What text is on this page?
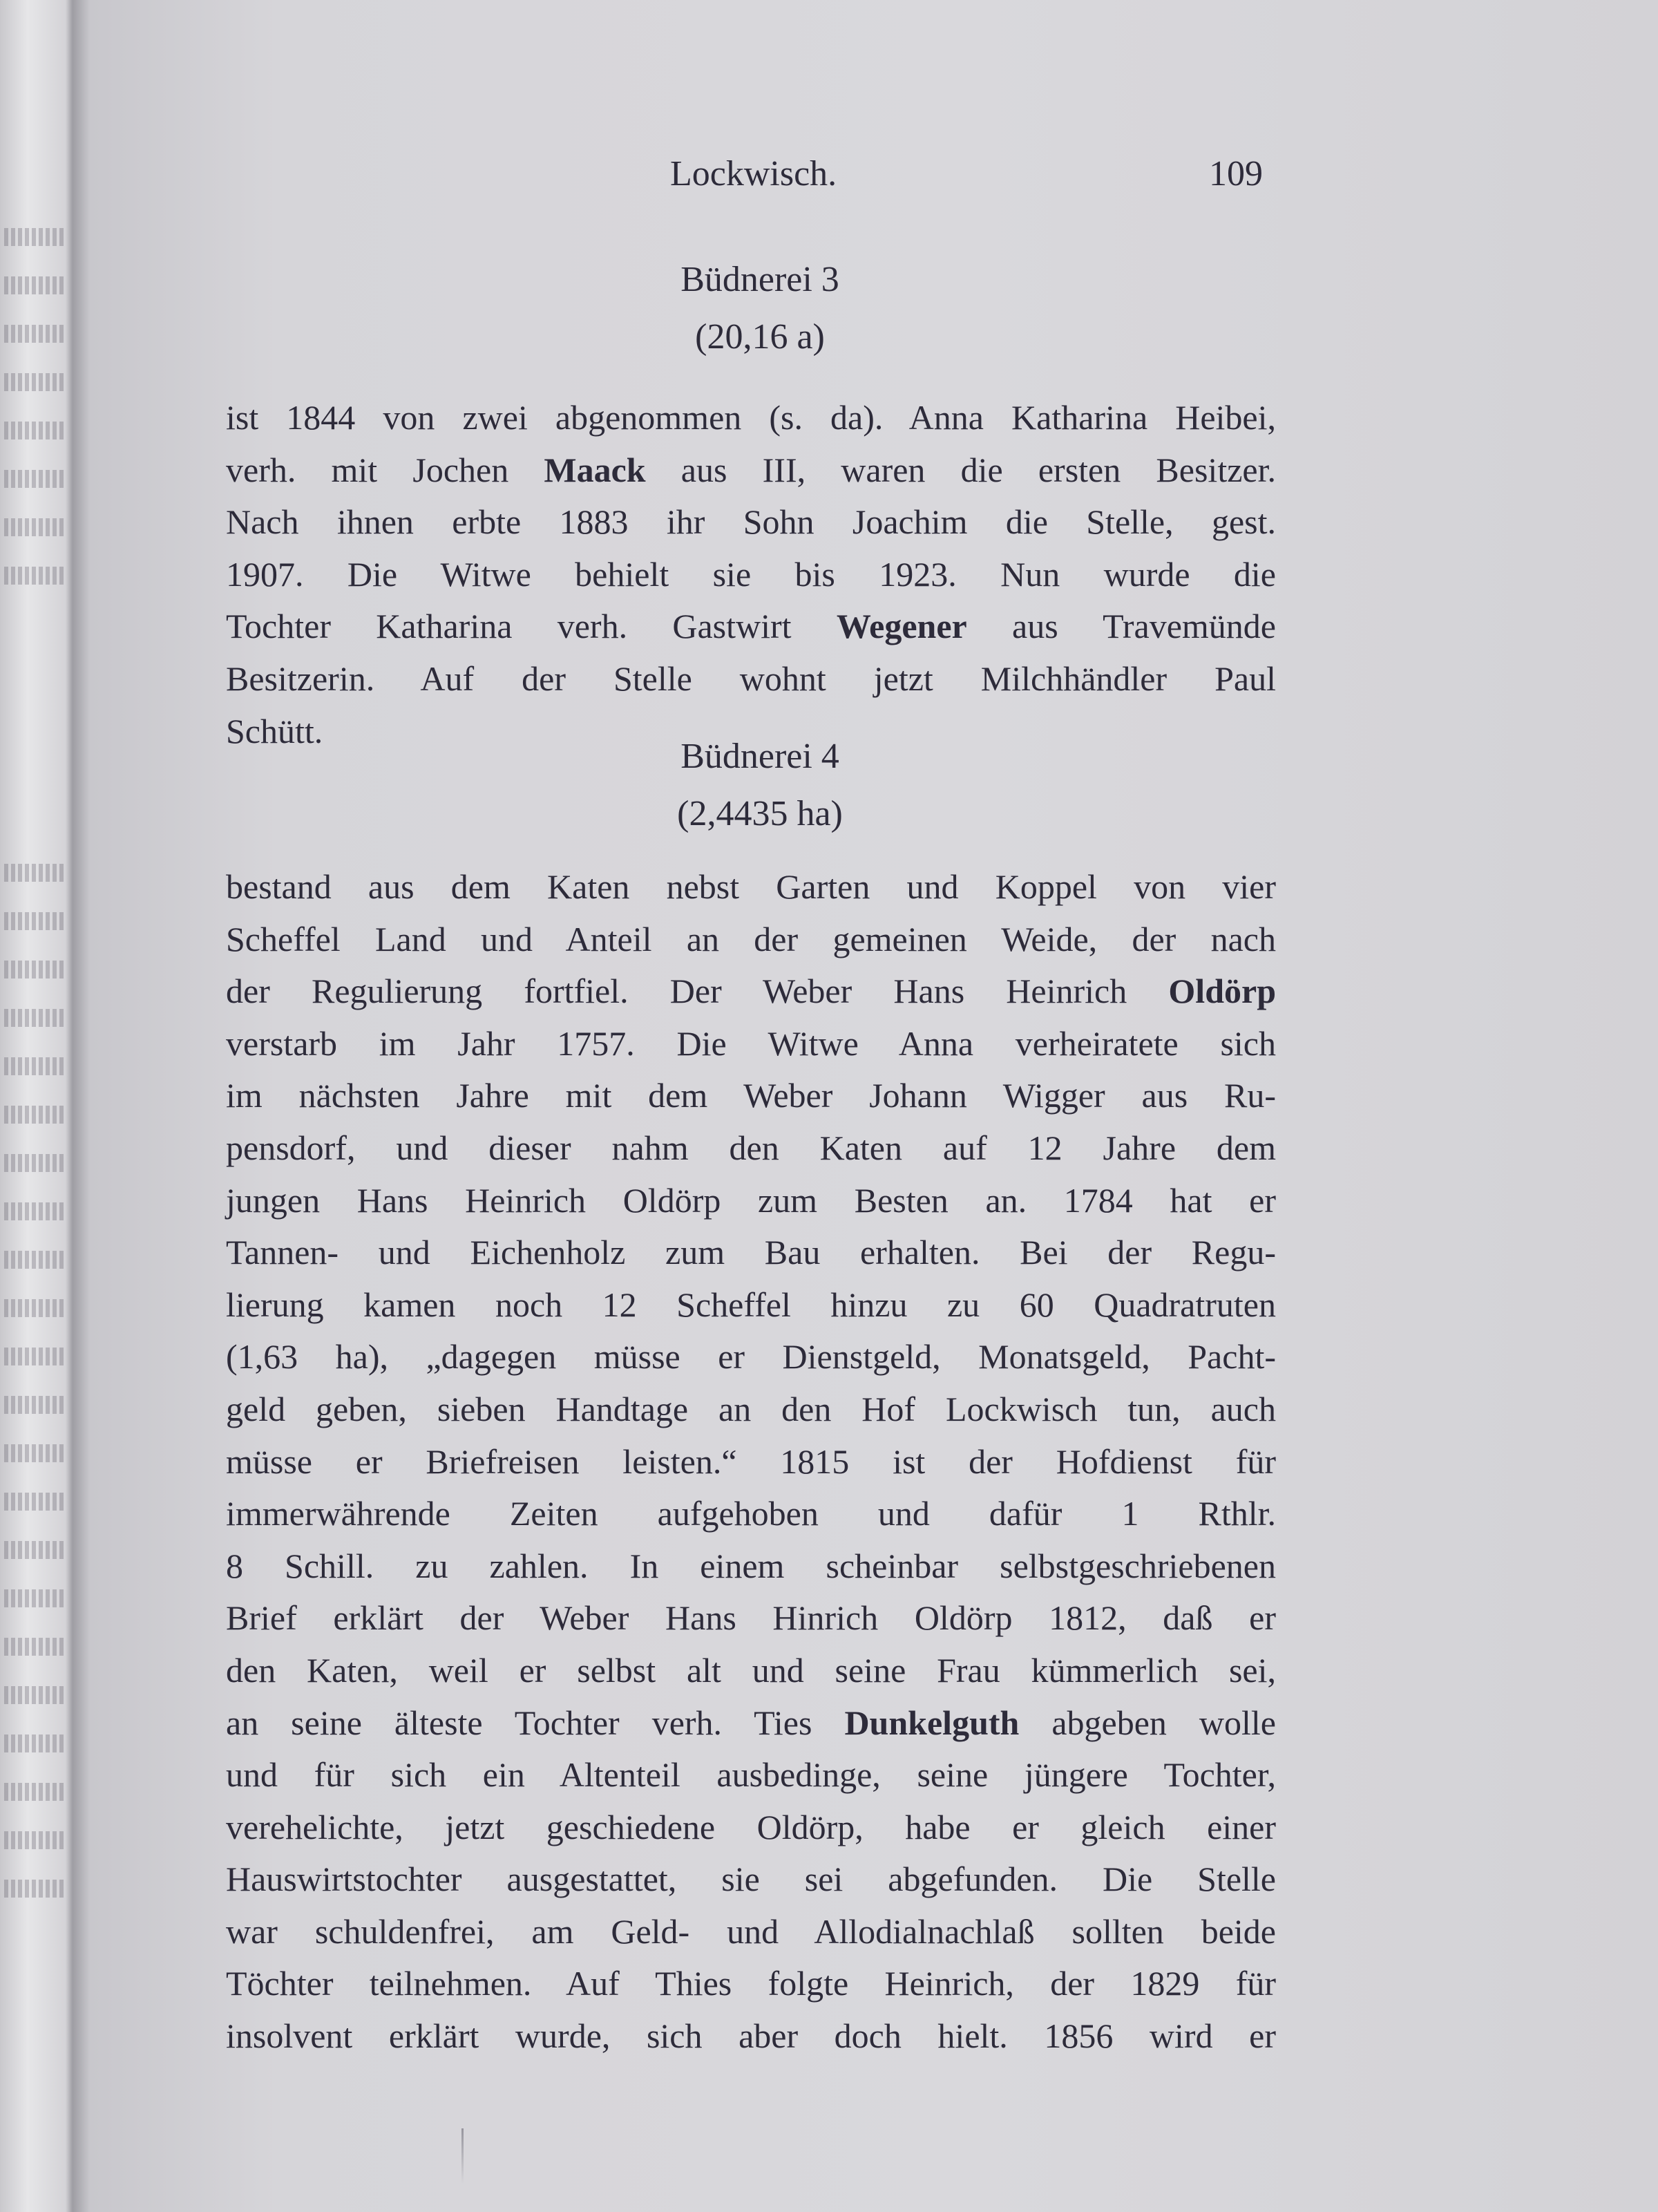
Lockwisch.	109
Büdnerei 3
(20,16 a)
ist 1844 von zwei abgenommen (s. da). Anna Katharina Heibei,
verh. mit Jochen Maack aus III, waren die ersten Besitzer.
Nach ihnen erbte 1883 ihr Sohn Joachim die Stelle, gest.
1907. Die Witwe behielt sie bis 1923. Nun wurde die
Tochter Katharina verh. Gastwirt Wegener aus Travemünde
Besitzerin. Auf der Stelle wohnt jetzt Milchhändler Paul
Schütt.
Büdnerei 4
(2,4435 ha)
bestand aus dem Katen nebst Garten und Koppel von vier
Scheffel Land und Anteil an der gemeinen Weide, der nach
der Regulierung fortfiel. Der Weber Hans Heinrich Oldörp
verstarb im Jahr 1757. Die Witwe Anna verheiratete sich
im nächsten Jahre mit dem Weber Johann Wigger aus Ru-
pensdorf, und dieser nahm den Katen auf 12 Jahre dem
jungen Hans Heinrich Oldörp zum Besten an. 1784 hat er
Tannen- und Eichenholz zum Bau erhalten. Bei der Regu-
lierung kamen noch 12 Scheffel hinzu zu 60 Quadratruten
(1,63 ha), „dagegen müsse er Dienstgeld, Monatsgeld, Pacht-
geld geben, sieben Handtage an den Hof Lockwisch tun, auch
müsse er Briefreisen leisten.“ 1815 ist der Hofdienst für
immerwährende Zeiten aufgehoben und dafür 1 Rthlr.
8 Schill. zu zahlen. In einem scheinbar selbstgeschriebenen
Brief erklärt der Weber Hans Hinrich Oldörp 1812, daß er
den Katen, weil er selbst alt und seine Frau kümmerlich sei,
an seine älteste Tochter verh. Ties Dunkelguth abgeben wolle
und für sich ein Altenteil ausbedinge, seine jüngere Tochter,
verehelichte, jetzt geschiedene Oldörp, habe er gleich einer
Hauswirtstochter ausgestattet, sie sei abgefunden. Die Stelle
war schuldenfrei, am Geld- und Allodialnachlaß sollten beide
Töchter teilnehmen. Auf Thies folgte Heinrich, der 1829 für
insolvent erklärt wurde, sich aber doch hielt. 1856 wird er
